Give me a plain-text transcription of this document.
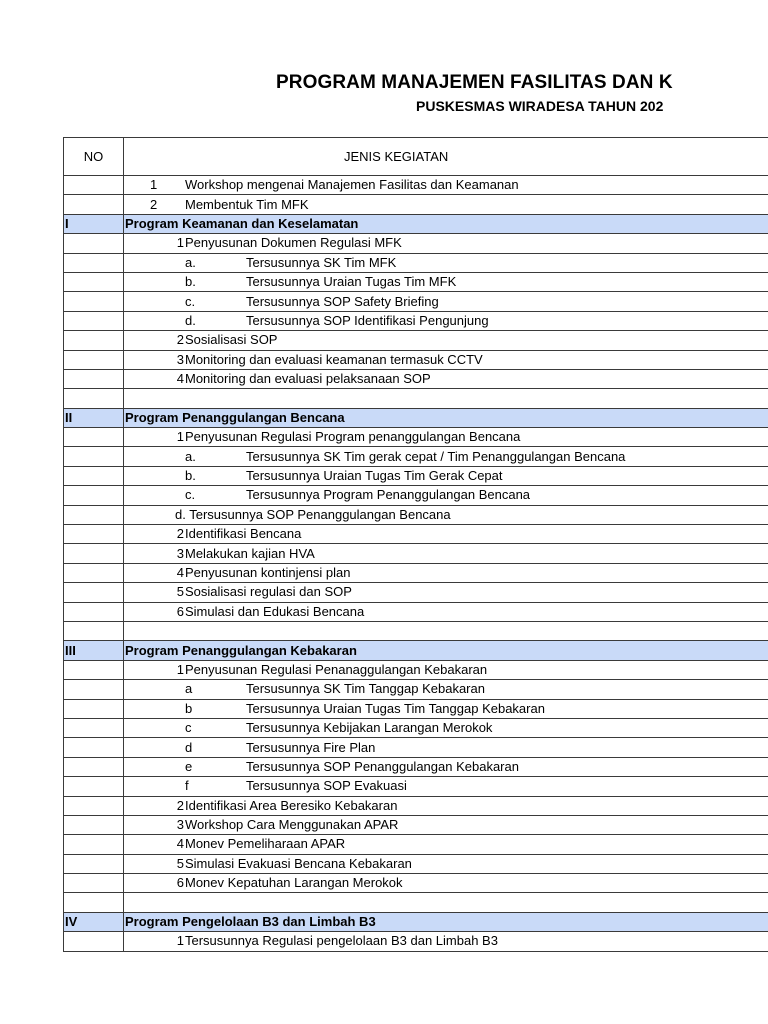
PROGRAM MANAJEMEN FASILITAS DAN K
PUSKESMAS WIRADESA TAHUN 202
NO	JENIS KEGIATAN

	1 Workshop mengenai Manajemen Fasilitas dan Keamanan

	2 Membentuk Tim MFK

I	Program Keamanan dan Keselamatan

	1 Penyusunan Dokumen Regulasi MFK

	a. Tersusunnya SK Tim MFK

	b. Tersusunnya Uraian Tugas Tim MFK

	c. Tersusunnya SOP Safety Briefing

	d. Tersusunnya SOP Identifikasi Pengunjung

	2 Sosialisasi SOP

	3 Monitoring dan evaluasi keamanan termasuk CCTV

	4 Monitoring dan evaluasi pelaksanaan SOP

II	Program Penanggulangan Bencana

	1 Penyusunan Regulasi Program penanggulangan Bencana

	a. Tersusunnya SK Tim gerak cepat / Tim Penanggulangan Bencana

	b. Tersusunnya Uraian Tugas Tim Gerak Cepat

	c. Tersusunnya Program Penanggulangan Bencana

	d. Tersusunnya SOP Penanggulangan Bencana

	2 Identifikasi Bencana

	3 Melakukan kajian HVA

	4 Penyusunan kontinjensi plan

	5 Sosialisasi regulasi dan SOP

	6 Simulasi dan Edukasi Bencana

III	Program Penanggulangan Kebakaran

	1 Penyusunan Regulasi Penanaggulangan Kebakaran

	a Tersusunnya SK Tim Tanggap Kebakaran

	b Tersusunnya Uraian Tugas Tim Tanggap Kebakaran

	c Tersusunnya Kebijakan Larangan Merokok

	d Tersusunnya Fire Plan

	e Tersusunnya SOP Penanggulangan Kebakaran

	f Tersusunnya SOP Evakuasi

	2 Identifikasi Area Beresiko Kebakaran

	3 Workshop Cara Menggunakan APAR

	4 Monev Pemeliharaan APAR

	5 Simulasi Evakuasi Bencana Kebakaran

	6 Monev Kepatuhan Larangan Merokok

IV	Program Pengelolaan B3 dan Limbah B3

	1 Tersusunnya Regulasi pengelolaan B3 dan Limbah B3
